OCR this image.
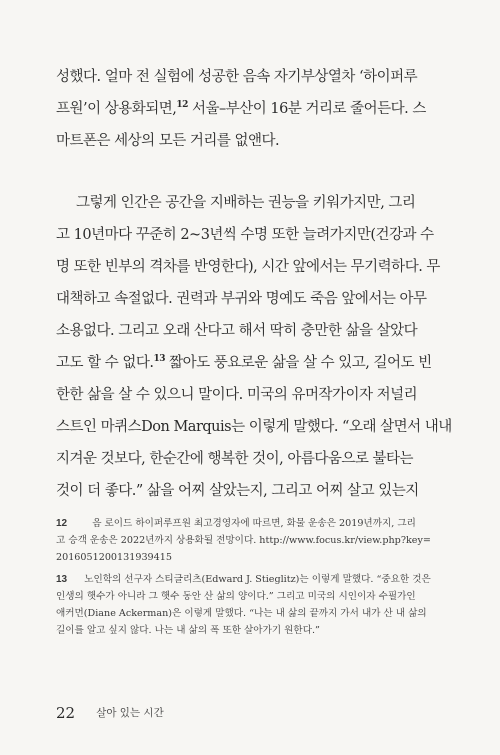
성했다. 얼마 전 실험에 성공한 음속 자기부상열차 ‘하이퍼루
프원’이 상용화되면,$^{12}$ 서울–부산이 16분 거리로 줄어든다. 스
마트폰은 세상의 모든 거리를 없앤다.
그렇게 인간은 공간을 지배하는 권능을 키워가지만, 그리
고 10년마다 꾸준히 2~3년씩 수명 또한 늘려가지만(건강과 수
명 또한 빈부의 격차를 반영한다), 시간 앞에서는 무기력하다. 무
대책하고 속절없다. 권력과 부귀와 명예도 죽음 앞에서는 아무
소용없다. 그리고 오래 산다고 해서 딱히 충만한 삶을 살았다
고도 할 수 없다.$^{13}$ 짧아도 풍요로운 삶을 살 수 있고, 길어도 빈
한한 삶을 살 수 있으니 말이다. 미국의 유머작가이자 저널리
스트인 마퀴스Don Marquis는 이렇게 말했다. “오래 살면서 내내
지겨운 것보다, 한순간에 행복한 것이, 아름다움으로 불타는
것이 더 좋다.” 삶을 어찌 살았는지, 그리고 어찌 살고 있는지
12	음 로이드 하이퍼루프원 최고경영자에 따르면, 화물 운송은 2019년까지, 그리
고 승객 운송은 2022년까지 상용화될 전망이다. http://www.focus.kr/view.php?key=
2016051200131939415
13 노인학의 선구자 스티글리츠(Edward J. Stieglitz)는 이렇게 말했다. “중요한 것은
인생의 햇수가 아니라 그 햇수 동안 산 삶의 양이다.” 그리고 미국의 시인이자 수필가인
애커먼(Diane Ackerman)은 이렇게 말했다. “나는 내 삶의 끝까지 가서 내가 산 내 삶의
길이를 알고 싶지 않다. 나는 내 삶의 폭 또한 살아가기 원한다.”
22 살아 있는 시간
